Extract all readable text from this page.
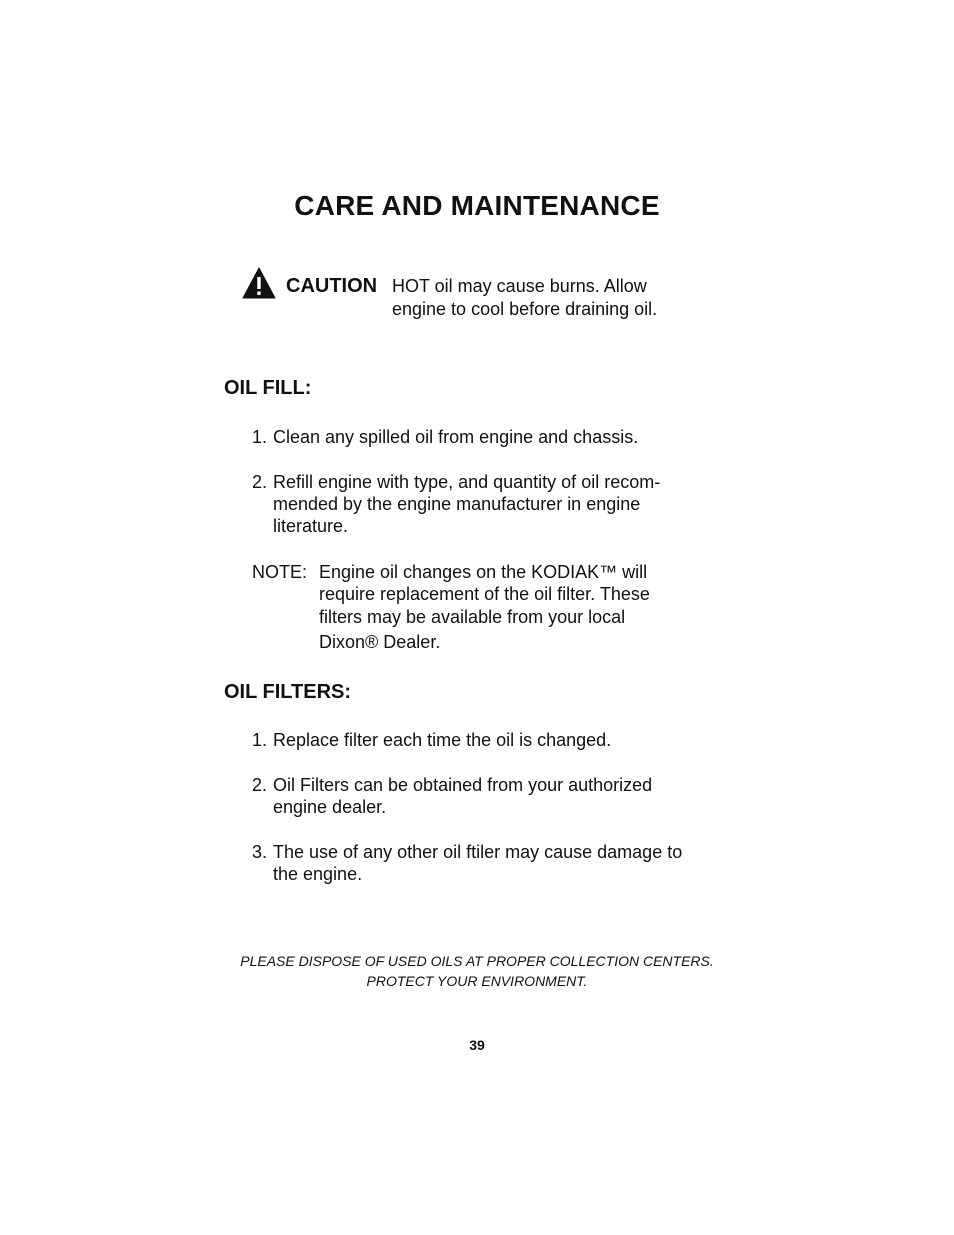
CARE AND MAINTENANCE
CAUTION HOT oil may cause burns. Allow
engine to cool before draining oil.
OIL FILL:
1. Clean any spilled oil from engine and chassis.
2. Refill engine with type, and quantity of oil recom-
mended by the engine manufacturer in engine
literature.
NOTE: Engine oil changes on the KODIAK™ will
require replacement of the oil filter. These
filters may be available from your local
Dixon® Dealer.
OIL FILTERS:
1. Replace filter each time the oil is changed.
2. Oil Filters can be obtained from your authorized
engine dealer.
3. The use of any other oil ftiler may cause damage to
the engine.
PLEASE DISPOSE OF USED OILS AT PROPER COLLECTION CENTERS.
PROTECT YOUR ENVIRONMENT.
39
